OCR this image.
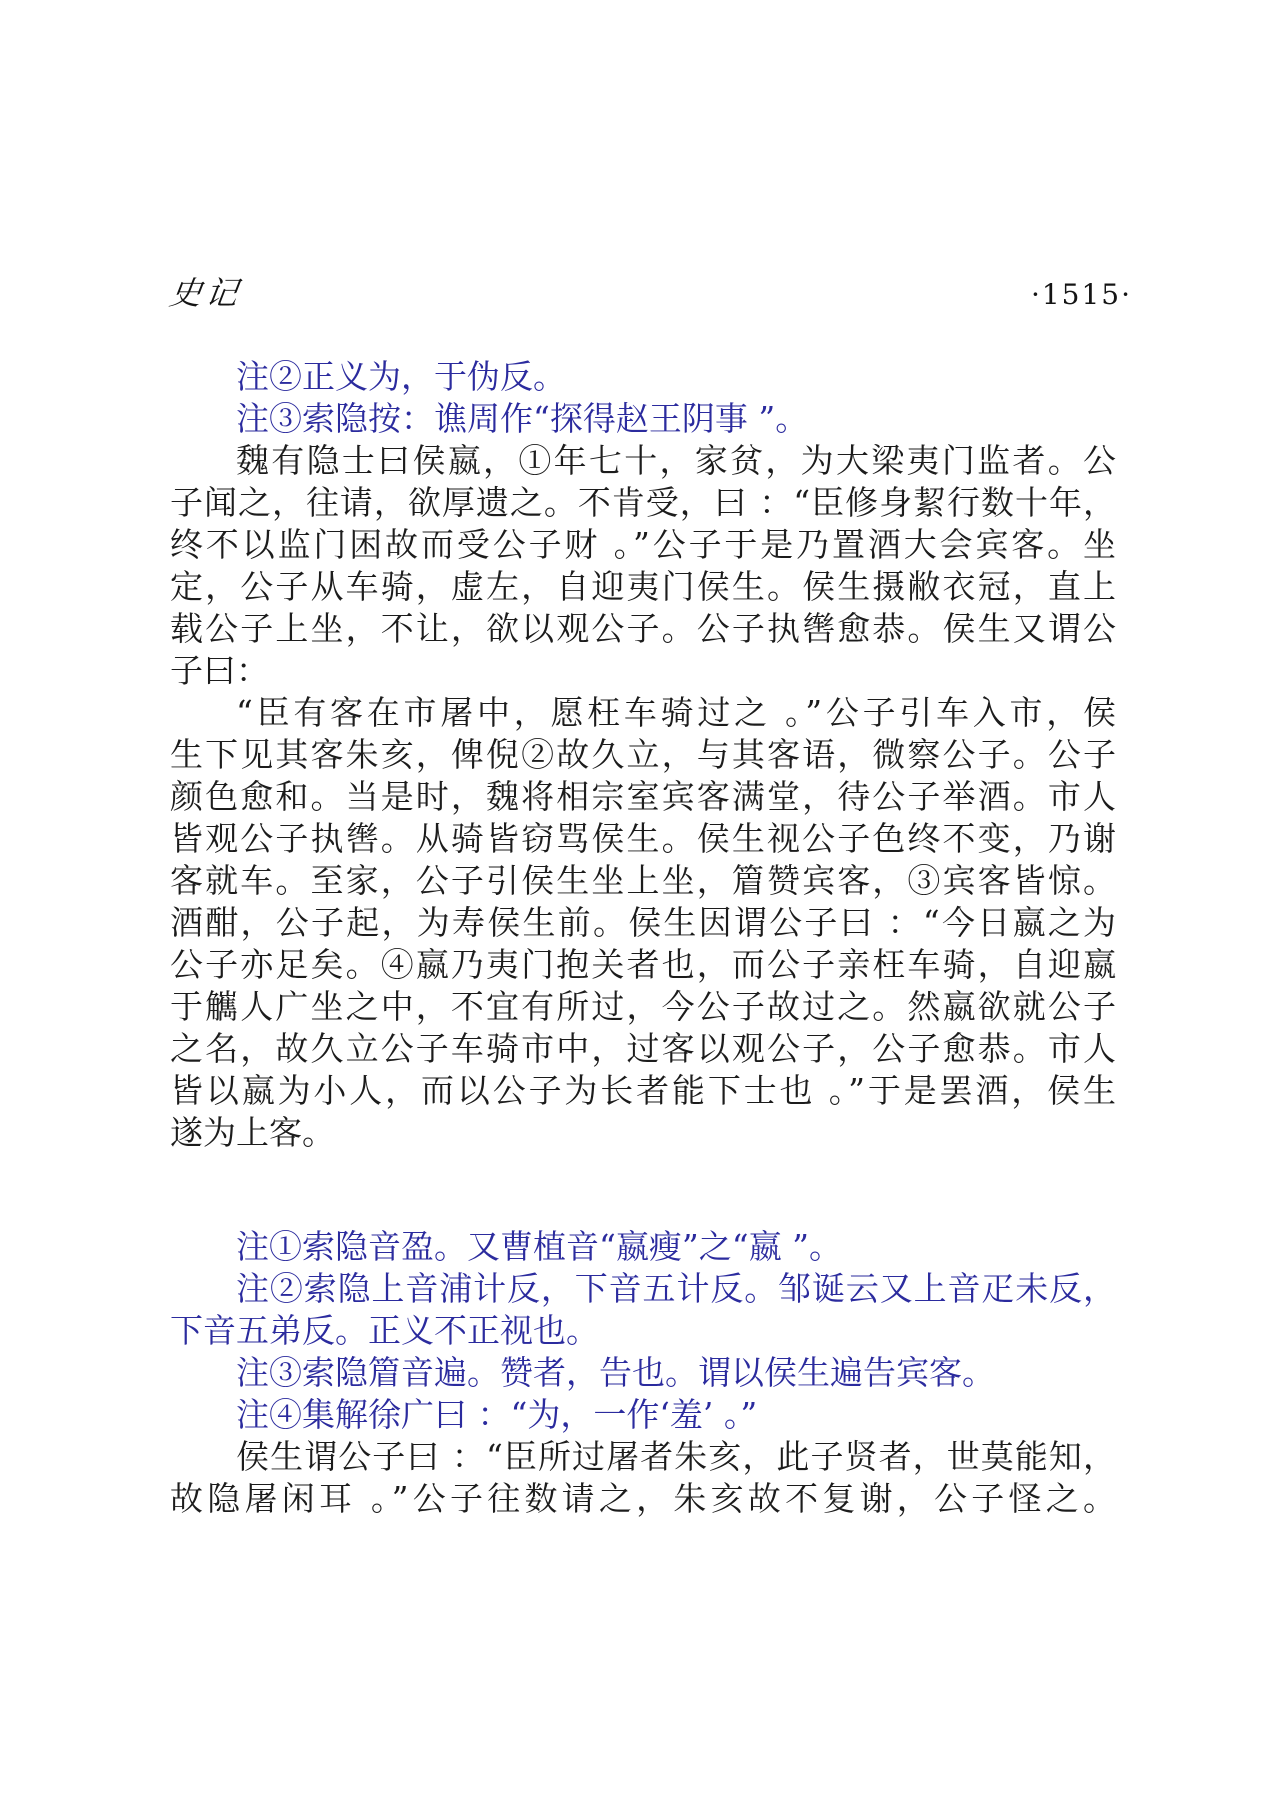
史记	·1515·
注②正义为，于伪反。
注③索隐按：谯周作“探得赵王阴事 ”。
魏有隐士曰侯嬴，①年七十，家贫，为大梁夷门监者。公
子闻之，往请，欲厚遗之。不肯受，曰 ：“臣修身絜行数十年，
终不以监门困故而受公子财 。”公子于是乃置酒大会宾客。坐
定，公子从车骑，虚左，自迎夷门侯生。侯生摄敝衣冠，直上
载公子上坐，不让，欲以观公子。公子执辔愈恭。侯生又谓公
子曰：
“臣有客在市屠中，愿枉车骑过之 。”公子引车入市，侯
生下见其客朱亥，俾倪②故久立，与其客语，微察公子。公子
颜色愈和。当是时，魏将相宗室宾客满堂，待公子举酒。市人
皆观公子执辔。从骑皆窃骂侯生。侯生视公子色终不变，乃谢
客就车。至家，公子引侯生坐上坐，篃赞宾客，③宾客皆惊。
酒酣，公子起，为寿侯生前。侯生因谓公子曰 ：“今日嬴之为
公子亦足矣。④嬴乃夷门抱关者也，而公子亲枉车骑，自迎嬴
于觽人广坐之中，不宜有所过，今公子故过之。然嬴欲就公子
之名，故久立公子车骑市中，过客以观公子，公子愈恭。市人
皆以嬴为小人，而以公子为长者能下士也 。”于是罢酒，侯生
遂为上客。
注①索隐音盈。又曹植音“嬴瘦”之“嬴 ”。
注②索隐上音浦计反，下音五计反。邹诞云又上音疋未反，
下音五弟反。正义不正视也。
注③索隐篃音遍。赞者，告也。谓以侯生遍告宾客。
注④集解徐广曰 ：“为，一作‘羞’ 。”
侯生谓公子曰 ：“臣所过屠者朱亥，此子贤者，世莫能知，
故隐屠闲耳 。”公子往数请之，朱亥故不复谢，公子怪之。
